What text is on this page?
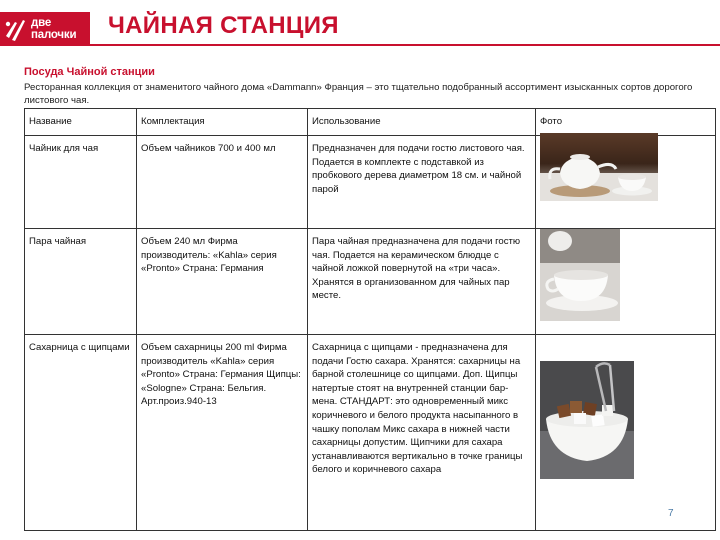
две
палочки ЧАЙНАЯ СТАНЦИЯ
Посуда Чайной станции
Ресторанная коллекция от знаменитого чайного дома «Dammann» Франция – это тщательно подобранный ассортимент изысканных сортов дорогого листового чая.
Название	Комплектация	Использование	Фото
Чайник для чая	Объем чайников 700 и 400 мл	Предназначен для подачи гостю листового чая. Подается в комплекте с подставкой из пробкового дерева диаметром 18 см. и чайной парой	

Пара чайная	Объем 240 мл Фирма производитель: «Kahla» серия «Pronto» Страна: Германия	Пара чайная предназначена для подачи гостю чая. Подается на керамическом блюдце с чайной ложкой повернутой на «три часа». Хранятся в организованном для чайных пар месте.	

Сахарница с щипцами	Объем сахарницы 200 ml Фирма производитель «Kahla» серия «Pronto» Страна: Германия Щипцы: «Sologne» Страна: Бельгия. Арт.произ.940-13	Сахарница с щипцами - предназначена для подачи Гостю сахара. Хранятся: сахарницы на барной столешнице со щипцами. Доп. Щипцы натертые стоят на внутренней станции бар-мена. СТАНДАРТ: это одновременный микс коричневого и белого продукта насыпанного в чашку пополам Микс сахара в нижней части сахарницы допустим. Щипчики для сахара устанавливаются вертикально в точке границы белого и коричневого сахара	
7
